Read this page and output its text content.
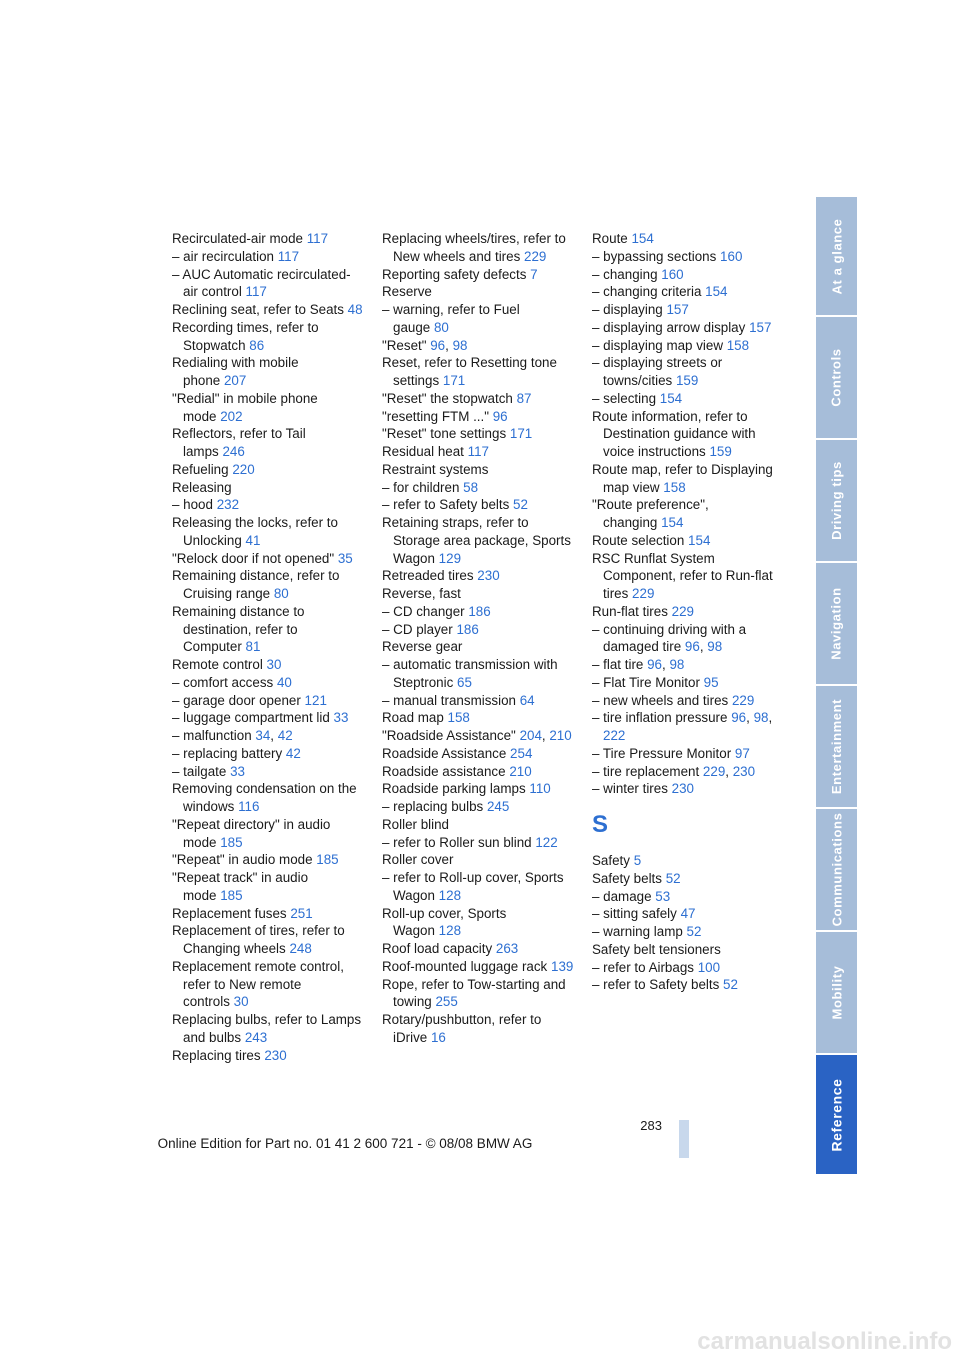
Recirculated-air mode 117
– air recirculation 117
– AUC Automatic recirculated-air control 117
Reclining seat, refer to Seats 48
Recording times, refer to Stopwatch 86
Redialing with mobile phone 207
"Redial" in mobile phone mode 202
Reflectors, refer to Tail lamps 246
Refueling 220
Releasing
– hood 232
Releasing the locks, refer to Unlocking 41
"Relock door if not opened" 35
Remaining distance, refer to Cruising range 80
Remaining distance to destination, refer to Computer 81
Remote control 30
– comfort access 40
– garage door opener 121
– luggage compartment lid 33
– malfunction 34, 42
– replacing battery 42
– tailgate 33
Removing condensation on the windows 116
"Repeat directory" in audio mode 185
"Repeat" in audio mode 185
"Repeat track" in audio mode 185
Replacement fuses 251
Replacement of tires, refer to Changing wheels 248
Replacement remote control, refer to New remote controls 30
Replacing bulbs, refer to Lamps and bulbs 243
Replacing tires 230
Replacing wheels/tires, refer to New wheels and tires 229
Reporting safety defects 7
Reserve
– warning, refer to Fuel gauge 80
"Reset" 96, 98
Reset, refer to Resetting tone settings 171
"Reset" the stopwatch 87
"resetting FTM ..." 96
"Reset" tone settings 171
Residual heat 117
Restraint systems
– for children 58
– refer to Safety belts 52
Retaining straps, refer to Storage area package, Sports Wagon 129
Retreaded tires 230
Reverse, fast
– CD changer 186
– CD player 186
Reverse gear
– automatic transmission with Steptronic 65
– manual transmission 64
Road map 158
"Roadside Assistance" 204, 210
Roadside Assistance 254
Roadside assistance 210
Roadside parking lamps 110
– replacing bulbs 245
Roller blind
– refer to Roller sun blind 122
Roller cover
– refer to Roll-up cover, Sports Wagon 128
Roll-up cover, Sports Wagon 128
Roof load capacity 263
Roof-mounted luggage rack 139
Rope, refer to Tow-starting and towing 255
Rotary/pushbutton, refer to iDrive 16
Route 154
– bypassing sections 160
– changing 160
– changing criteria 154
– displaying 157
– displaying arrow display 157
– displaying map view 158
– displaying streets or towns/cities 159
– selecting 154
Route information, refer to Destination guidance with voice instructions 159
Route map, refer to Displaying map view 158
"Route preference", changing 154
Route selection 154
RSC Runflat System Component, refer to Run-flat tires 229
Run-flat tires 229
– continuing driving with a damaged tire 96, 98
– flat tire 96, 98
– Flat Tire Monitor 95
– new wheels and tires 229
– tire inflation pressure 96, 98, 222
– Tire Pressure Monitor 97
– tire replacement 229, 230
– winter tires 230
S
Safety 5
Safety belts 52
– damage 53
– sitting safely 47
– warning lamp 52
Safety belt tensioners
– refer to Airbags 100
– refer to Safety belts 52
At a glance
Controls
Driving tips
Navigation
Entertainment
Communications
Mobility
Reference
283
Online Edition for Part no. 01 41 2 600 721 - © 08/08 BMW AG
carmanualsonline.info
